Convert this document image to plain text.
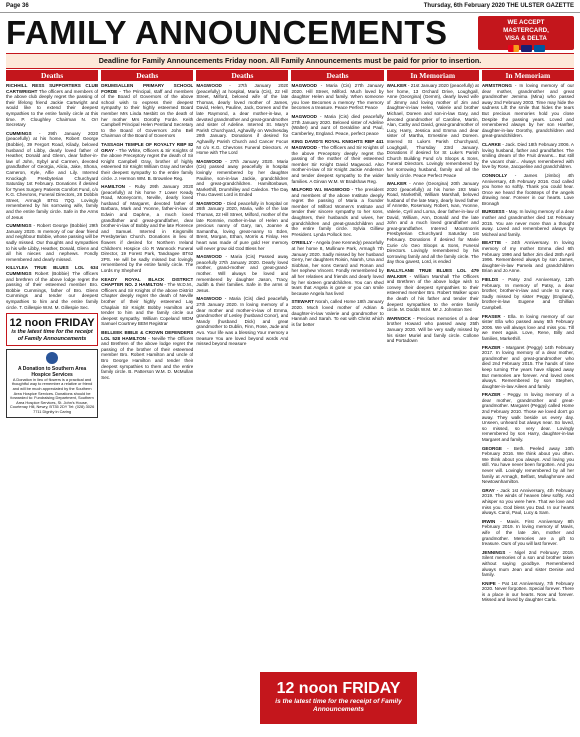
Page 36	Thursday, 6th February 2020 THE ULSTER GAZETTE
FAMILY ANNOUNCEMENTS	WE ACCEPT
MASTERCARD,
VISA & DELTA
Deadline for Family Announcements Friday noon. All Family Announcements must be paid for prior to insertion.
Deaths
RICHHILL RESS SUPPORTERS CLUB CARTWRIGHT The officers and members of the above club deeply regret the passing of their lifelong friend Jackie Cartwright and would like to extend their deepest sympathies to the entire family circle at this time. P. Cloughley Chairman N. Orr Secretary
CUMMINGS - 29th January 2020 (peacefully) at his home, Robert George (Bobbie), 39 Fergort Road, Kilady, beloved husband of Libby, dearly loved father of Heather, Donald and Glenn, dear father-in-law of John, Sybyl and Carmen, devoted grandfather of Georgia, Alicia, Jake, Shona, Cameron, Kyle, Alfie and Lily. Interred Knockagh Presbyterian Churchyard Saturday 1st February. Donations if desired for Tynes Surgery Patients Comfort Fund, c/o K.G. Chevrons, Funeral Directors, 28 Dobbin Street, Armagh BT61 7QQ. Lovingly remembered by his sorrowing wife, family and the entire family circle. Safe in the Arms of Jesus
CUMMINGS - Robert George (Bobbie) 29th January 2020. In memory of our dear friend and neighbour Bobbie, whose passing will be sadly missed. Our thoughts and sympathies to his wife Libby, Heather, Donald, Glenn and all his nieces and nephews. Fondly remembered and dearly missed.
KILLYLEA TRUE BLUES LOL 634 CUMMINGS Robert (Bobbie) The officers and brethren of the above lodge regret the passing of their esteemed member Bro. Bobbie Cummings, father of Bro. Glenn Cummings and tender our deepest sympathies to him and the entire family circle. T. Gillespie W.M. M. Gillespie Sec.
12 noon FRIDAY
is the latest time for the receipt of Family Announcements
A Donation to Southern Area Hospice Services
A Donation in lieu of flowers is a practical and thoughtful way to remember a relative or friend and will be much appreciated by the Southern Area Hospice Services. Donations should be forwarded to: Fundraising Department, Southern Area Hospice Services, St. John's House, Courtenay Hill, Newry, BT35 2DY Tel: (028) 3026 7711 Dignity in Caring
Deaths
DRUMSALLEN PRIMARY SCHOOL FORDE - The Principal, staff and members of the Board of Governors of the above school wish to express their deepest sympathy to their highly esteemed Board member Mrs Linda Nesbitt on the death of her mother Mrs Dorothy Forde. Keith Campbell Principal Helen Pentland Secretary to the Board of Governors John Bell Chairman of the Board of Governors
TASSAGH TEMPLE OF ROYALTY RBP 82 GRAY - The White, Officers & Sir Knights of the above Preceptory regret the death of Sir Knight Campbell Gray, brother of highly esteemed Sir Knight William Gray and tender their deepest sympathy to the entire family circle. J. Hermon WM. B. Brownlee Reg.
HAMILTON - Ruby 29th January 2020 (peacefully) at his home 7 Lower Keady Road, Moneycorm, Neville, dearly loved husband of Margaret, devoted father of Barbara, Mark and Yvonne, father-in-law of Edwin and Daphne, a much loved grandfather and great-grandfather, dear brother-in-law of Bobby and the late Florence and Samuel. Interred in Kingsmills Presbyterian Church. Donations in lieu of flowers if desired for Northern Ireland Children's Hospice c/o R Wannock Funeral Director, 19 Forest Park, Tandragee BT62 2PS. He will be sadly missed but lovingly remembered by the entire family circle. The Lords my Shepherd
KEADY ROYAL BLACK DISTRICT CHAPTER NO. 2 HAMILTON - The W.D.M., Officers and Sir Knights of the above District Chapter deeply regret the death of Neville brother of their highly esteemed Lay Chaplain Sir Knight Bobby Hamilton and tender to him and the family circle our deepest sympathy. William Copeland WDM Samuel Courtney BEM Registrar
BELLEEK BIBLE & CROWN DEFENDERS LOL 528 HAMILTON - Neville The Officers and Brethren of the above lodge regret the passing of the brother of their esteemed member Bro. Robert Hamilton and uncle of Bro George Hamilton and tender their deepest sympathies to them and the entire family circle. B. Patterson W.M. D. McMullan Sec.
Deaths
MAGWOOD - 27th January 2020 (peacefully) at hospital, Maria (Cis), 22 Hill Street, Milford, beloved wife of the late Thomas, dearly loved mother of James, David, Helen, Pauline, Jack, Doreen and the late Raymond, a dear mother-in-law, a devoted grandmother and great-grandmother and sister of Adeline. Interred St. Mary's Parish Churchyard, Aghavilly on Wednesday 29th January. Donations if desired for Aghavilly Parish Church and Cancer Focus NI c/o K.G. Chevrons Funeral Directors. At Home with The Lord
MAGWOOD - 27th January 2020. Maria (Cis) passed away peacefully in hospital lovingly remembered by her daughter Pauline, son-in-law Jackie, grandchildren and great-grandchildren. Hamiltonbawn, Markethill, Drumhilley and Caledon. The Day Thou Gavest Lord is Ended
MAGWOOD - Died peacefully in hospital on 26th January 2020, Maria, wife of the late Thomas, 22 Hill Street, Milford, mother of the late Rommie, mother-in-law of Helen and precious nanny of Gary, Ian, Joanne & Samantha, loving great-nanny to Eden, Brent, Morgan, Ethan, Morris & Finlay. Her heart was made of pure gold Her memory will never grow old God Bless her
MAGWOOD - Maria (Cis) Passed away peacefully 27th January 2020. Dearly loved mother, grand-mother and great-grand-mother. Will always be loved and remembered by daughter Jason, Tracy, Judith & their families. Safe in the arms of Jesus.
MAGWOOD - Maria (Cis) died peacefully 27th January 2020. In loving memory of a dear mother and mother-in-law of Emma, grandmother of Lesley (husband Conor), and Mandy (husband Dick) and great grandmother to Dublin, Finn, Rose, Jude and Avo. Your life was a blessing Your memory a treasure You are loved beyond words And missed beyond measure
Deaths
MAGWOOD - Maria (Cis) 27th January 2020. Hill Street, Milford. Much loved by daughter Helen and family. When someone you love Becomes a memory The memory becomes a treasure. Peace Perfect Peace
MAGWOOD - Maria (Cis) died peacefully 27th January 2020. Beloved sister of Adeline (Walter) and aunt of Geraldine and Paul, Camberley, England. Peace, perfect peace
KING DAVID'S ROYAL KNIGHTS RBP 441 MAGWOOD - The Officers and Sir Knights of the above Preceptory deeply regret the passing of the mother of their esteemed member Sir Knight David Magwood. Also mother-in-law of Sir Knight Jackie Anderson and tender deepest sympathy to the wider families. A Girvan W.M. W Bradshaw Reg.
MILFORD W.I. MAGWOOD - The president and members of the above Institute deeply regret the passing of Maria a founder member of Milford Women's Institute and tender their sincere sympathy to her sons, daughters, their husbands and wives, her grandchildren and great-grandchildren and the entire family circle. Sylvia Gilliew President. Lynda Pollock Sec.
O'REILLY - Angela (nee Kennedy) peacefully at her home 8, Mullinure Park, Armagh 7th January 2020. Sadly missed by her husband Gerry, her daughters Roisin, Niamh, Una and Siobhan, her sons Gerard and Ronan and her nephew Vincent. Fondly remembered by all her relatives and friends and dearly loved by her sixteen grandchildren. You can shed tears that Angela is gone or you can smile because Angela has lived
STEWART Norah, called Home 18th January 2020. Much loved mother of Adrian & daughter-in-law Valerie and grandmother to Hannah and Sarah. To eat with Christ which is far better
In Memoriam
WALKER - 21st January 2020 (peacefully) at her home, 13 Orchard Drive, Loughgall, Anne (Georgina) (Gemm), dearly loved wife of Jimmy and loving mother of Jim and daughter-in-law Helen, Valerie and brother Michael, Doreen and son-in-law Gary, and devoted grandmother of Caroline, Martin, Alan, Cathy and David, great-grandmother of Lucy, Harry, Jessica and Emma and dear sister of Martha, Ernestine and Doreen. Interred St Luke's Parish Churchyard, Loughgall, Thursday 23rd January. Donations if desired for St Luke's Parish Church Building Fund c/o Sloops & Sons, Funeral Directors. Lovingly remembered by her sorrowing husband, family and all the family circle. Peace Perfect Peace
WALKER - Anne (Georgina) 20th January 2020 (peacefully) at his home 193 Main Road, Markethill, William Marshall, beloved husband of the late Mary, dearly loved father of Annette, Rosemary, Robert, Ivan, Yvonne, Valerie, Cyril and Lorna, dear father-in-law of David, William, Ann, Donald and the late John and a much loved grandfather and great-grandfather. Interred Mountnorris Presbyterian Churchyard Saturday 1st February. Donations if desired for Marie Curie c/o Geo Sloops & Sons, Funeral Directors. Lovingly remembered by his sorrowing family and all the family circle. The day thou gavest, Lord, is ended
BALLYLANE TRUE BLUES LOL 479 WALKER - William Marshall The Officers and Brethren of the above lodge wish to convey their deepest sympathies to their esteemed member Bro. Robert Walker upon the death of his father and tender their deepest sympathies to the entire family circle. M. Dodds W.M. Mr J. Johnston Sec
WARNOCK - Precious memories of a dear brother Howard who passed away 25th January 2020. Will be very sadly missed by his sister Muriel and family circle. Collone and Portadown
In Memoriam
ARMSTRONG - In loving memory of our dear mother, grandmother and great grandmother Jemima (Mina) who passed away 2nd February 2003. Time may hide the sadness Lift the smile that hides the tears But precious memories hold you close Despite the passing years. Loved and remembered always by her son Hanfter, daughter-in-law Dorothy, grandchildren and great-grandchildren.
CLARKE - Jack. Died 18th February 2006. A loving husband, father and grandfather. The smiling dream of the Fruit dreams... But still the vacant chair... Always remembered with love by Rose, Jacqueline and grandchildren.
CONNOLLY - James (Jimbo) 4th Anniversary, 4th February 2016. God called you home so softly. Thank you could hear. Once we heard the footsteps of the angels drawing near. Forever in our hearts. Love Bronagh
BURGESS - May. In loving memory of a dear mother and grandmother died 1st February 2015. You are never more than a thought away. Loved and remembered always by Micheal and family.
BEATTIE - 24th Anniversary. In loving memory of my mother Emma died 6th February 1996 and father Jim died 28th April 1996. Remembered always by son James, daughter-in-law Pamela and grandchildren Brian and Jo Anne.
FIELDS - Patsy 2nd Anniversary, 12th February. In memory of Patsy, a dear brother, brother-in-law and uncle to many. Sadly missed by sister Peggy (England), brother-in-law Eugene and Ghillian Campbell.
FRASER - Ella. In loving memory of our sister Ella who passed away 5th February 2006. We will always love and miss you. Till we meet again. Love, Rene, Billy and families, Markethill.
FRAZER - Margaret (Peggy) 14th February 2017. In loving memory of a dear mother, grandmother and great-grandmother who died 2nd February 2015. The hands of time keep turning The years have slipped away But memories are forever. And loved ones always. Remembered by son Stephen, daughter-in-law Aileen and family.
FRAZER - Peggy. In loving memory of a dear mother, grandmother and great-grandmother. Margaret (Peggy) called Home 2nd February 2010. Those we loved don't go away. They walk beside us every day. Unseen, unheard but always near. So loved, so missed, so very dear. Lovingly remembered by son Harry, daughter-in-law Margaret and family.
GEORGE - Beth. Peeled away 10th February 2016. We think about you often. We think about you always. And loving you still. You have never been forgotten. And you never will. Lovingly remembered by all her family at Armagh, Belfast, Mullaghmore and Newtownhamilton.
GRAY - Jack 1st Anniversary, 4th February 2019. The winds of heaven blew softly. And whisper so you were here. That we love and miss you. God bless you Dad. In our hearts always. Carol, Paul, Lucy & Sam.
IRWIN - Mavis. First Anniversary 8th February 2019. In loving memory of Mavis, wife of the late Jim, mother and grandmother. Memories are a gift to treasure. Ours of you will last forever.
JENNINGS - Nigel 2nd February 2019. Silent memories of a son and brother taken without saying goodbye. Remembered always mum Jean and sister Denise and family.
KNIPE - Pat 1st Anniversary, 7th February 2020. Never forgotten. Special forever. There is a place in our hearts. Now and forever. Missed and loved by daughter Carla.
12 noon FRIDAY
is the latest time for the receipt of Family Announcements
